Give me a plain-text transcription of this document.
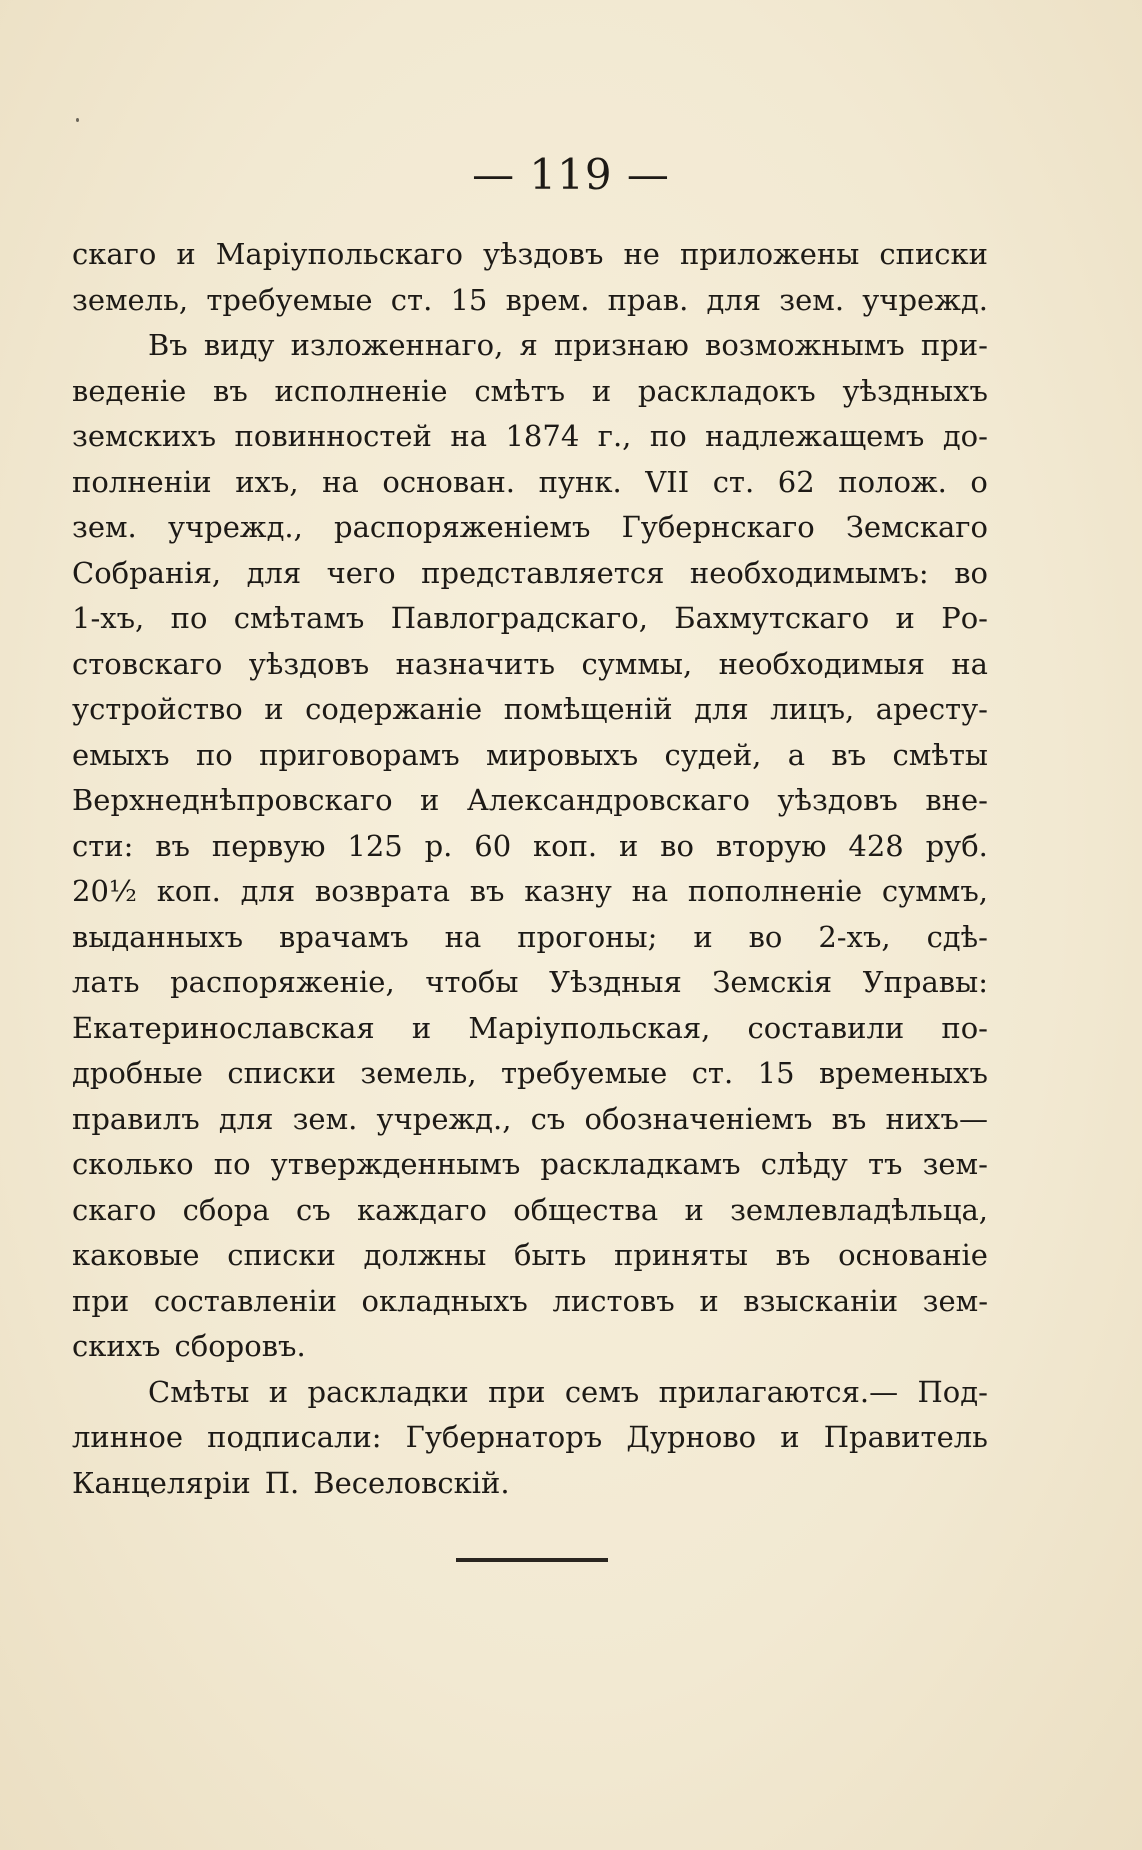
— 119 —
скаго и Маріупольскаго уѣздовъ не приложены списки
земель, требуемые ст. 15 врем. прав. для зем. учрежд.
Въ виду изложеннаго, я признаю возможнымъ при-
веденіе въ исполненіе смѣтъ и раскладокъ уѣздныхъ
земскихъ повинностей на 1874 г., по надлежащемъ до-
полненіи ихъ, на основан. пунк. VII ст. 62 полож. о
зем. учрежд., распоряженіемъ Губернскаго Земскаго
Собранія, для чего представляется необходимымъ: во
1-хъ, по смѣтамъ Павлоградскаго, Бахмутскаго и Ро-
стовскаго уѣздовъ назначить суммы, необходимыя на
устройство и содержаніе помѣщеній для лицъ, аресту-
емыхъ по приговорамъ мировыхъ судей, а въ смѣты
Верхнеднѣпровскаго и Александровскаго уѣздовъ вне-
сти: въ первую 125 р. 60 коп. и во вторую 428 руб.
20½ коп. для возврата въ казну на пополненіе суммъ,
выданныхъ врачамъ на прогоны; и во 2-хъ, сдѣ-
лать распоряженіе, чтобы Уѣздныя Земскія Управы:
Екатеринославская и Маріупольская, составили по-
дробные списки земель, требуемые ст. 15 временыхъ
правилъ для зем. учрежд., съ обозначеніемъ въ нихъ—
сколько по утвержденнымъ раскладкамъ слѣду тъ зем-
скаго сбора съ каждаго общества и землевладѣльца,
каковые списки должны быть приняты въ основаніе
при составленіи окладныхъ листовъ и взысканіи зем-
скихъ сборовъ.
Смѣты и раскладки при семъ прилагаются.— Под-
линное подписали: Губернаторъ Дурново и Правитель
Канцеляріи П. Веселовскій.
